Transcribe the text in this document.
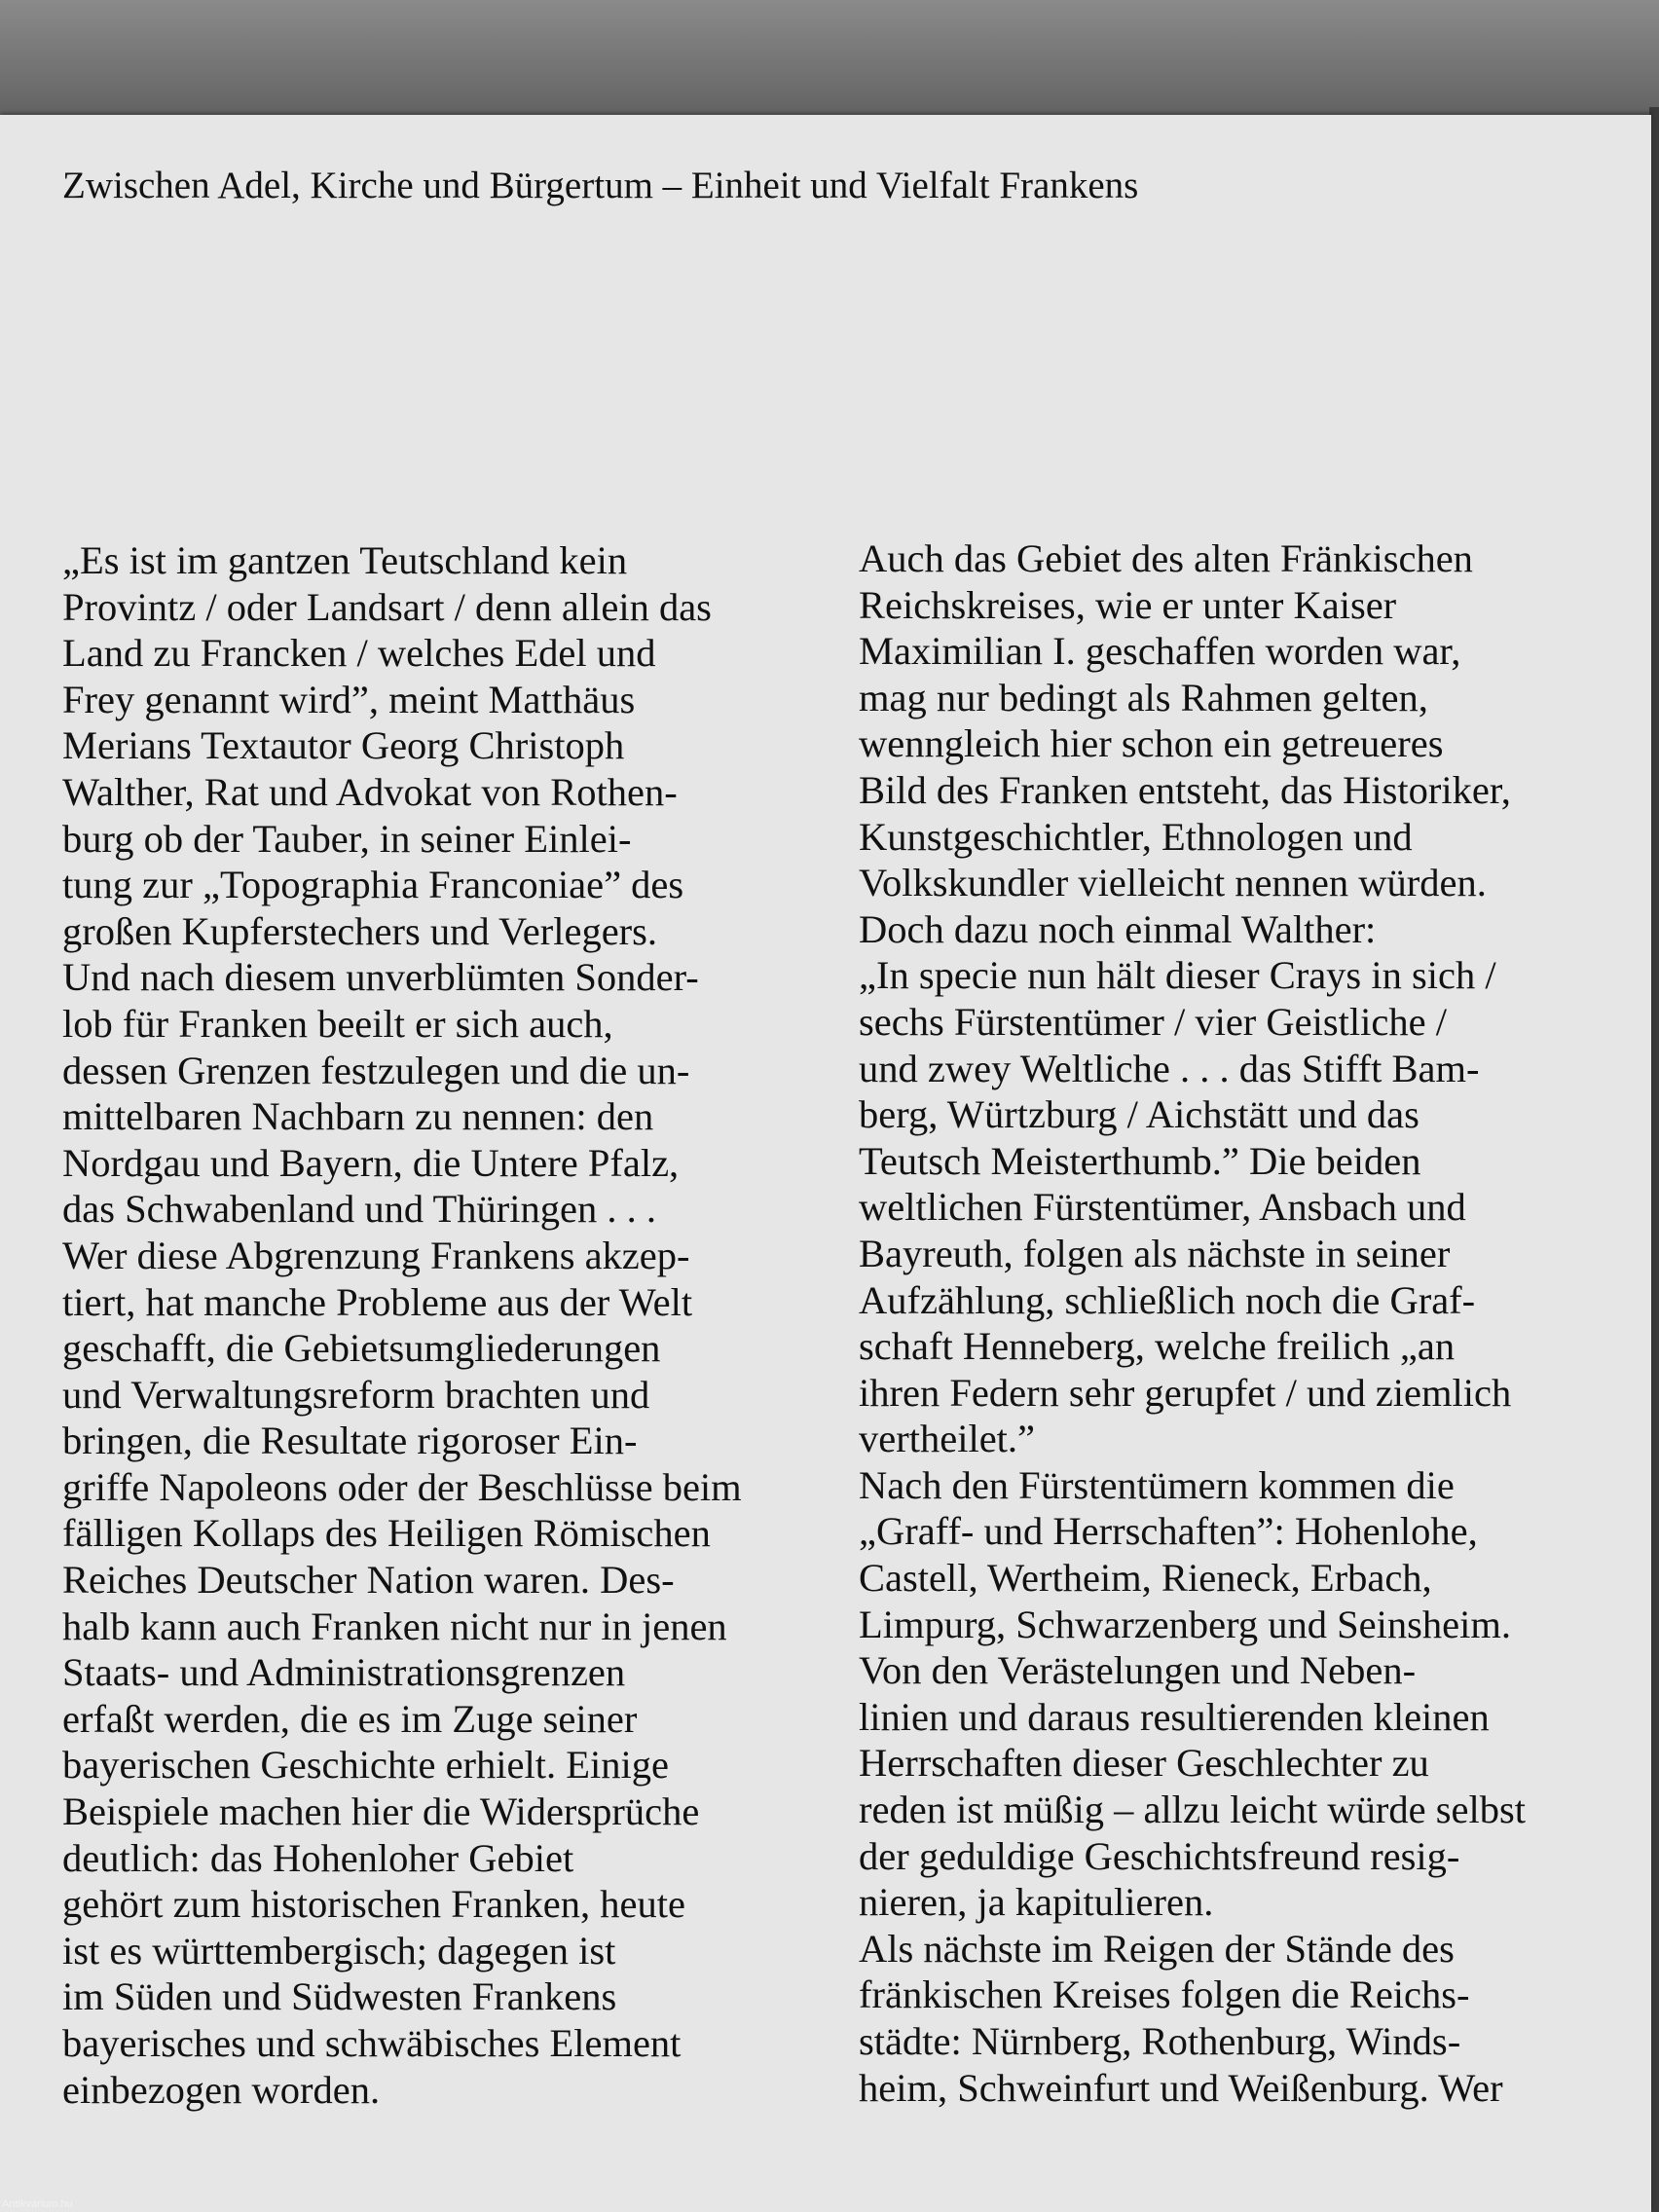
Zwischen Adel, Kirche und Bürgertum – Einheit und Vielfalt Frankens
„Es ist im gantzen Teutschland kein
Provintz / oder Landsart / denn allein das
Land zu Francken / welches Edel und
Frey genannt wird”, meint Matthäus
Merians Textautor Georg Christoph
Walther, Rat und Advokat von Rothen-
burg ob der Tauber, in seiner Einlei-
tung zur „Topographia Franconiae” des
großen Kupferstechers und Verlegers.
Und nach diesem unverblümten Sonder-
lob für Franken beeilt er sich auch,
dessen Grenzen festzulegen und die un-
mittelbaren Nachbarn zu nennen: den
Nordgau und Bayern, die Untere Pfalz,
das Schwabenland und Thüringen . . .
Wer diese Abgrenzung Frankens akzep-
tiert, hat manche Probleme aus der Welt
geschafft, die Gebietsumgliederungen
und Verwaltungsreform brachten und
bringen, die Resultate rigoroser Ein-
griffe Napoleons oder der Beschlüsse beim
fälligen Kollaps des Heiligen Römischen
Reiches Deutscher Nation waren. Des-
halb kann auch Franken nicht nur in jenen
Staats- und Administrationsgrenzen
erfaßt werden, die es im Zuge seiner
bayerischen Geschichte erhielt. Einige
Beispiele machen hier die Widersprüche
deutlich: das Hohenloher Gebiet
gehört zum historischen Franken, heute
ist es württembergisch; dagegen ist
im Süden und Südwesten Frankens
bayerisches und schwäbisches Element
einbezogen worden.
Auch das Gebiet des alten Fränkischen
Reichskreises, wie er unter Kaiser
Maximilian I. geschaffen worden war,
mag nur bedingt als Rahmen gelten,
wenngleich hier schon ein getreueres
Bild des Franken entsteht, das Historiker,
Kunstgeschichtler, Ethnologen und
Volkskundler vielleicht nennen würden.
Doch dazu noch einmal Walther:
„In specie nun hält dieser Crays in sich /
sechs Fürstentümer / vier Geistliche /
und zwey Weltliche . . . das Stifft Bam-
berg, Würtzburg / Aichstätt und das
Teutsch Meisterthumb.” Die beiden
weltlichen Fürstentümer, Ansbach und
Bayreuth, folgen als nächste in seiner
Aufzählung, schließlich noch die Graf-
schaft Henneberg, welche freilich „an
ihren Federn sehr gerupfet / und ziemlich
vertheilet.”
Nach den Fürstentümern kommen die
„Graff- und Herrschaften”: Hohenlohe,
Castell, Wertheim, Rieneck, Erbach,
Limpurg, Schwarzenberg und Seinsheim.
Von den Verästelungen und Neben-
linien und daraus resultierenden kleinen
Herrschaften dieser Geschlechter zu
reden ist müßig – allzu leicht würde selbst
der geduldige Geschichtsfreund resig-
nieren, ja kapitulieren.
Als nächste im Reigen der Stände des
fränkischen Kreises folgen die Reichs-
städte: Nürnberg, Rothenburg, Winds-
heim, Schweinfurt und Weißenburg. Wer
Antikvárium.hu
